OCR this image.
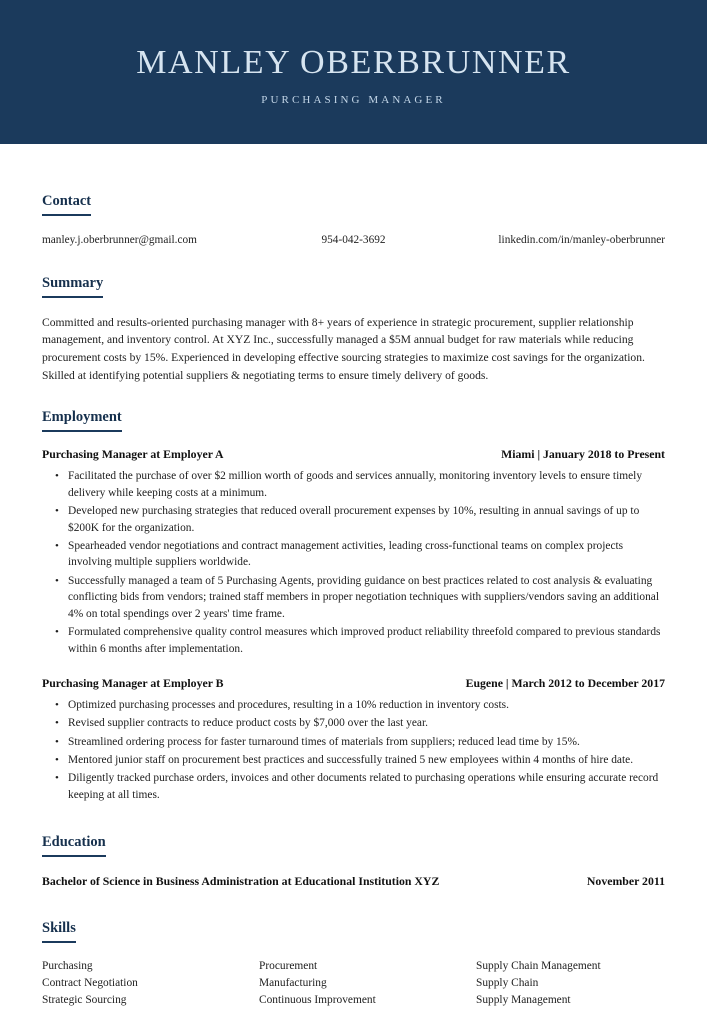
MANLEY OBERBRUNNER
PURCHASING MANAGER
Contact
manley.j.oberbrunner@gmail.com	954-042-3692	linkedin.com/in/manley-oberbrunner
Summary
Committed and results-oriented purchasing manager with 8+ years of experience in strategic procurement, supplier relationship management, and inventory control. At XYZ Inc., successfully managed a $5M annual budget for raw materials while reducing procurement costs by 15%. Experienced in developing effective sourcing strategies to maximize cost savings for the organization. Skilled at identifying potential suppliers & negotiating terms to ensure timely delivery of goods.
Employment
Purchasing Manager at Employer A	Miami | January 2018 to Present
• Facilitated the purchase of over $2 million worth of goods and services annually, monitoring inventory levels to ensure timely delivery while keeping costs at a minimum.
• Developed new purchasing strategies that reduced overall procurement expenses by 10%, resulting in annual savings of up to $200K for the organization.
• Spearheaded vendor negotiations and contract management activities, leading cross-functional teams on complex projects involving multiple suppliers worldwide.
• Successfully managed a team of 5 Purchasing Agents, providing guidance on best practices related to cost analysis & evaluating conflicting bids from vendors; trained staff members in proper negotiation techniques with suppliers/vendors saving an additional 4% on total spendings over 2 years' time frame.
• Formulated comprehensive quality control measures which improved product reliability threefold compared to previous standards within 6 months after implementation.
Purchasing Manager at Employer B	Eugene | March 2012 to December 2017
• Optimized purchasing processes and procedures, resulting in a 10% reduction in inventory costs.
• Revised supplier contracts to reduce product costs by $7,000 over the last year.
• Streamlined ordering process for faster turnaround times of materials from suppliers; reduced lead time by 15%.
• Mentored junior staff on procurement best practices and successfully trained 5 new employees within 4 months of hire date.
• Diligently tracked purchase orders, invoices and other documents related to purchasing operations while ensuring accurate record keeping at all times.
Education
Bachelor of Science in Business Administration at Educational Institution XYZ	November 2011
Skills
Purchasing	Procurement	Supply Chain Management
Contract Negotiation	Manufacturing	Supply Chain
Strategic Sourcing	Continuous Improvement	Supply Management
